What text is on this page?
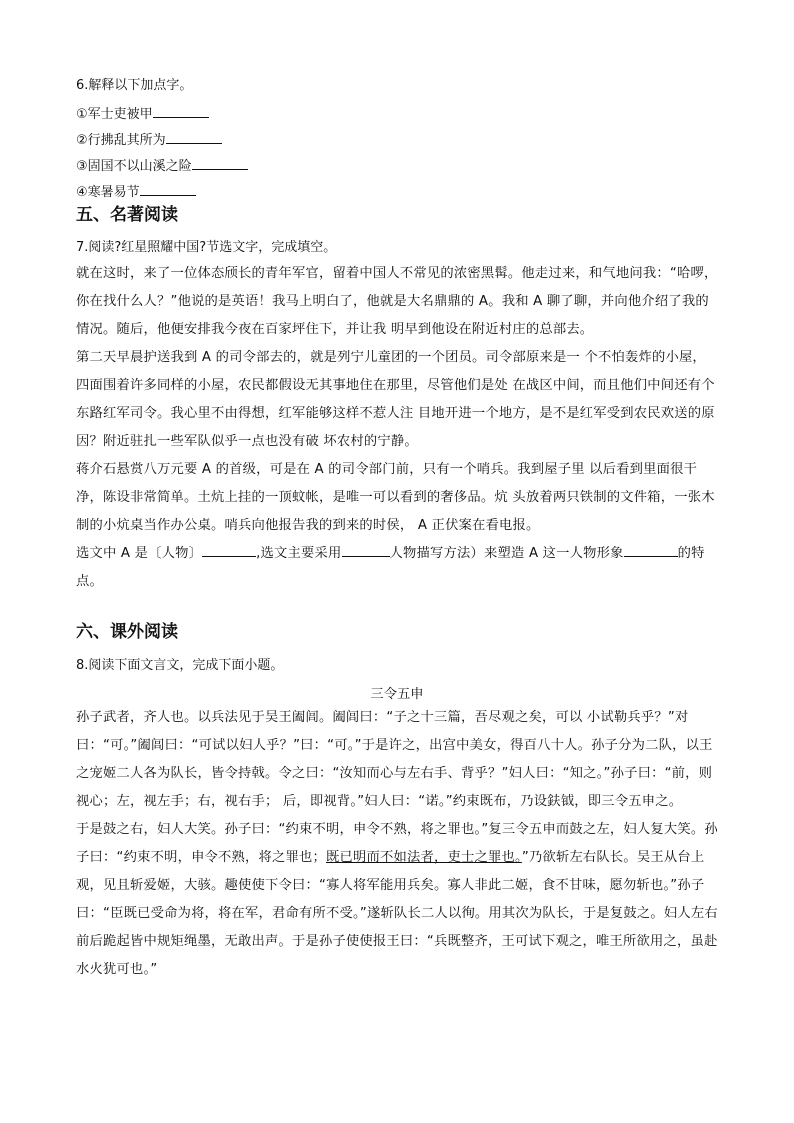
6.解释以下加点字。
①军士吏被甲
②行拂乱其所为
③固国不以山溪之险
④寒暑易节
五、名著阅读
7.阅读?红星照耀中国?节选文字，完成填空。

就在这时，来了一位体态颀长的青年军官，留着中国人不常见的浓密黑髯。他走过来，和气地问我：“哈啰，你在找什么人？”他说的是英语！我马上明白了，他就是大名鼎鼎的 A。我和 A 聊了聊，并向他介绍了我的情况。随后，他便安排我今夜在百家坪住下，并让我 明早到他设在附近村庄的总部去。

第二天早晨护送我到 A 的司令部去的，就是列宁儿童团的一个团员。司令部原来是一 个不怕轰炸的小屋，四面围着许多同样的小屋，农民都假设无其事地住在那里，尽管他们是处 在战区中间，而且他们中间还有个东路红军司令。我心里不由得想，红军能够这样不惹人注 目地开进一个地方，是不是红军受到农民欢送的原因？附近驻扎一些军队似乎一点也没有破 坏农村的宁静。

蒋介石悬赏八万元要 A 的首级，可是在 A 的司令部门前，只有一个哨兵。我到屋子里 以后看到里面很干净，陈设非常简单。土炕上挂的一顶蚊帐，是唯一可以看到的奢侈品。炕 头放着两只铁制的文件箱，一张木制的小炕桌当作办公桌。哨兵向他报告我的到来的时侯， A 正伏案在看电报。

选文中 A 是〔人物〕	,选文主要采用	人物描写方法）来塑造 A 这一人物形象	的特点。

六、课外阅读
8.阅读下面文言文，完成下面小题。
三令五申

孙子武者，齐人也。以兵法见于吴王阖闾。阖闾曰：“子之十三篇，吾尽观之矣，可以 小试勒兵乎？”对曰：“可。”阖闾曰：“可试以妇人乎？”曰：“可。”于是许之，出宫中美女，得百八十人。孙子分为二队，以王之宠姬二人各为队长，皆令持戟。令之曰：“汝知而心与左右手、背乎？”妇人曰：“知之。”孙子曰：“前，则视心；左，视左手；右，视右手； 后，即视背。”妇人曰：“诺。”约束既布，乃设鈇钺，即三令五申之。

于是鼓之右，妇人大笑。孙子曰：“约束不明，申令不熟，将之罪也。”复三令五申而鼓之左，妇人复大笑。孙子曰：“约束不明，申令不熟，将之罪也；既已明而不如法者，吏士之罪也。”乃欲斩左右队长。吴王从台上观，见且斩爱姬，大骇。趣使使下令曰：“寡人将军能用兵矣。寡人非此二姬，食不甘味，愿勿斩也。”孙子曰：“臣既已受命为将，将在军，君命有所不受。”遂斩队长二人以徇。用其次为队长，于是复鼓之。妇人左右前后跪起皆中规矩绳墨，无敢出声。于是孙子使使报王曰：“兵既整齐，王可试下观之，唯王所欲用之，虽赴水火犹可也。”
